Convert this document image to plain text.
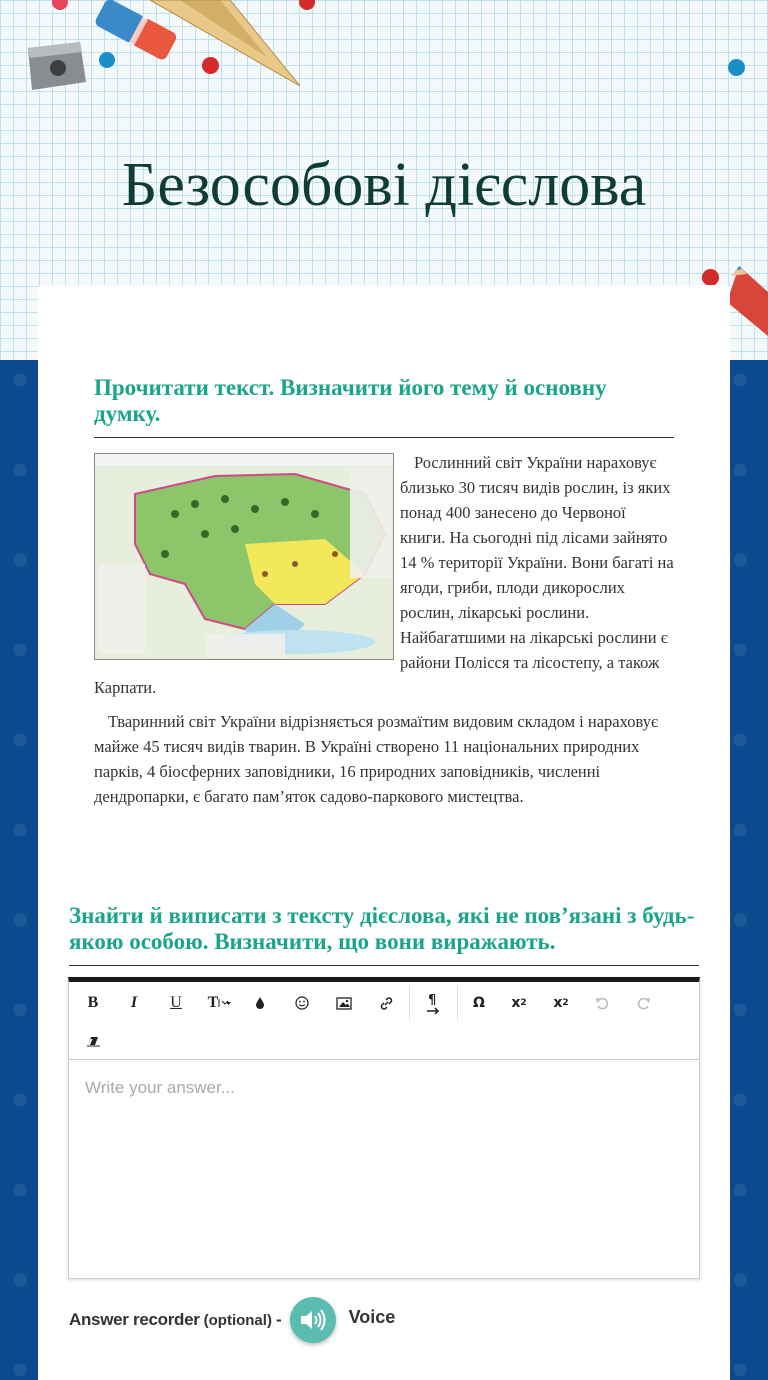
Безособові дієслова
Прочитати текст. Визначити його тему й основну думку.

Рослинний світ України нараховує близько 30 тисяч видів рослин, із яких понад 400 занесено до Червоної книги. На сьогодні під лісами зайнято 14 % території України. Вони багаті на ягоди, гриби, плоди дикорослих рослин, лікарські рослини. Найбагатшими на лікарські рослини є райони Полісся та лісостепу, а також Карпати.

Тваринний світ України відрізняється розмаїтим видовим складом і нараховує майже 45 тисяч видів тварин. В Україні створено 11 національних природних парків, 4 біосферних заповідники, 16 природних заповідників, численні дендропарки, є багато пам’яток садово-паркового мистецтва.

Знайти й виписати з тексту дієслова, які не пов’язані з будь-якою особою. Визначити, що вони виражають.
B	I	U	T	¶	Ω	x 2 x 2
Write your answer...
Answer recorder (optional) -	Voice
